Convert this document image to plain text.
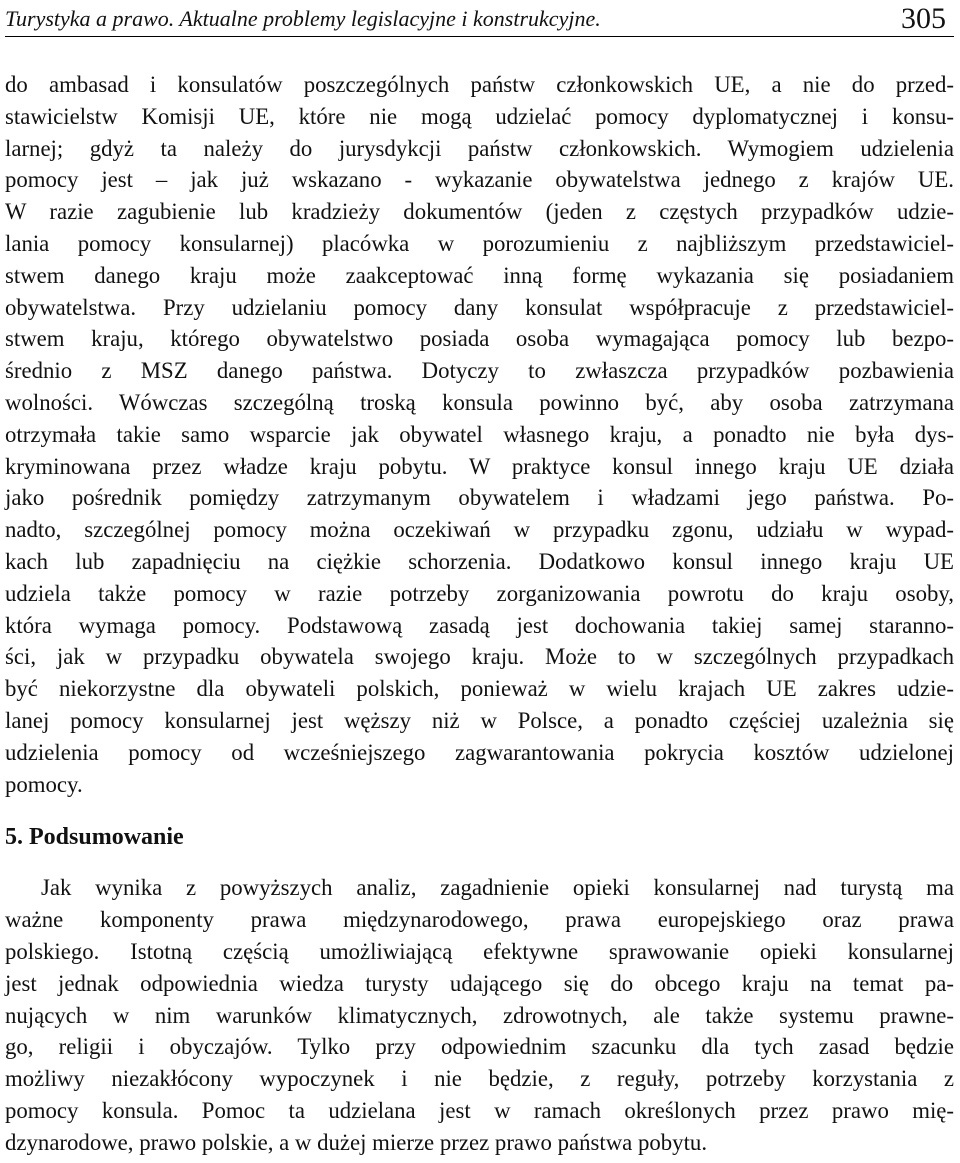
Turystyka a prawo. Aktualne problemy legislacyjne i konstrukcyjne.	305

do ambasad i konsulatów poszczególnych państw członkowskich UE, a nie do przed-
stawicielstw Komisji UE, które nie mogą udzielać pomocy dyplomatycznej i konsu-
larnej; gdyż ta należy do jurysdykcji państw członkowskich. Wymogiem udzielenia
pomocy jest – jak już wskazano - wykazanie obywatelstwa jednego z krajów UE.
W razie zagubienie lub kradzieży dokumentów (jeden z częstych przypadków udzie-
lania pomocy konsularnej) placówka w porozumieniu z najbliższym przedstawiciel-
stwem danego kraju może zaakceptować inną formę wykazania się posiadaniem
obywatelstwa. Przy udzielaniu pomocy dany konsulat współpracuje z przedstawiciel-
stwem kraju, którego obywatelstwo posiada osoba wymagająca pomocy lub bezpo-
średnio z MSZ danego państwa. Dotyczy to zwłaszcza przypadków pozbawienia
wolności. Wówczas szczególną troską konsula powinno być, aby osoba zatrzymana
otrzymała takie samo wsparcie jak obywatel własnego kraju, a ponadto nie była dys-
kryminowana przez władze kraju pobytu. W praktyce konsul innego kraju UE działa
jako pośrednik pomiędzy zatrzymanym obywatelem i władzami jego państwa. Po-
nadto, szczególnej pomocy można oczekiwań w przypadku zgonu, udziału w wypad-
kach lub zapadnięciu na ciężkie schorzenia. Dodatkowo konsul innego kraju UE
udziela także pomocy w razie potrzeby zorganizowania powrotu do kraju osoby,
która wymaga pomocy. Podstawową zasadą jest dochowania takiej samej staranno-
ści, jak w przypadku obywatela swojego kraju. Może to w szczególnych przypadkach
być niekorzystne dla obywateli polskich, ponieważ w wielu krajach UE zakres udzie-
lanej pomocy konsularnej jest węższy niż w Polsce, a ponadto częściej uzależnia się
udzielenia pomocy od wcześniejszego zagwarantowania pokrycia kosztów udzielonej
pomocy.

5. Podsumowanie

Jak wynika z powyższych analiz, zagadnienie opieki konsularnej nad turystą ma
ważne komponenty prawa międzynarodowego, prawa europejskiego oraz prawa
polskiego. Istotną częścią umożliwiającą efektywne sprawowanie opieki konsularnej
jest jednak odpowiednia wiedza turysty udającego się do obcego kraju na temat pa-
nujących w nim warunków klimatycznych, zdrowotnych, ale także systemu prawne-
go, religii i obyczajów. Tylko przy odpowiednim szacunku dla tych zasad będzie
możliwy niezakłócony wypoczynek i nie będzie, z reguły, potrzeby korzystania z
pomocy konsula. Pomoc ta udzielana jest w ramach określonych przez prawo mię-
dzynarodowe, prawo polskie, a w dużej mierze przez prawo państwa pobytu.
